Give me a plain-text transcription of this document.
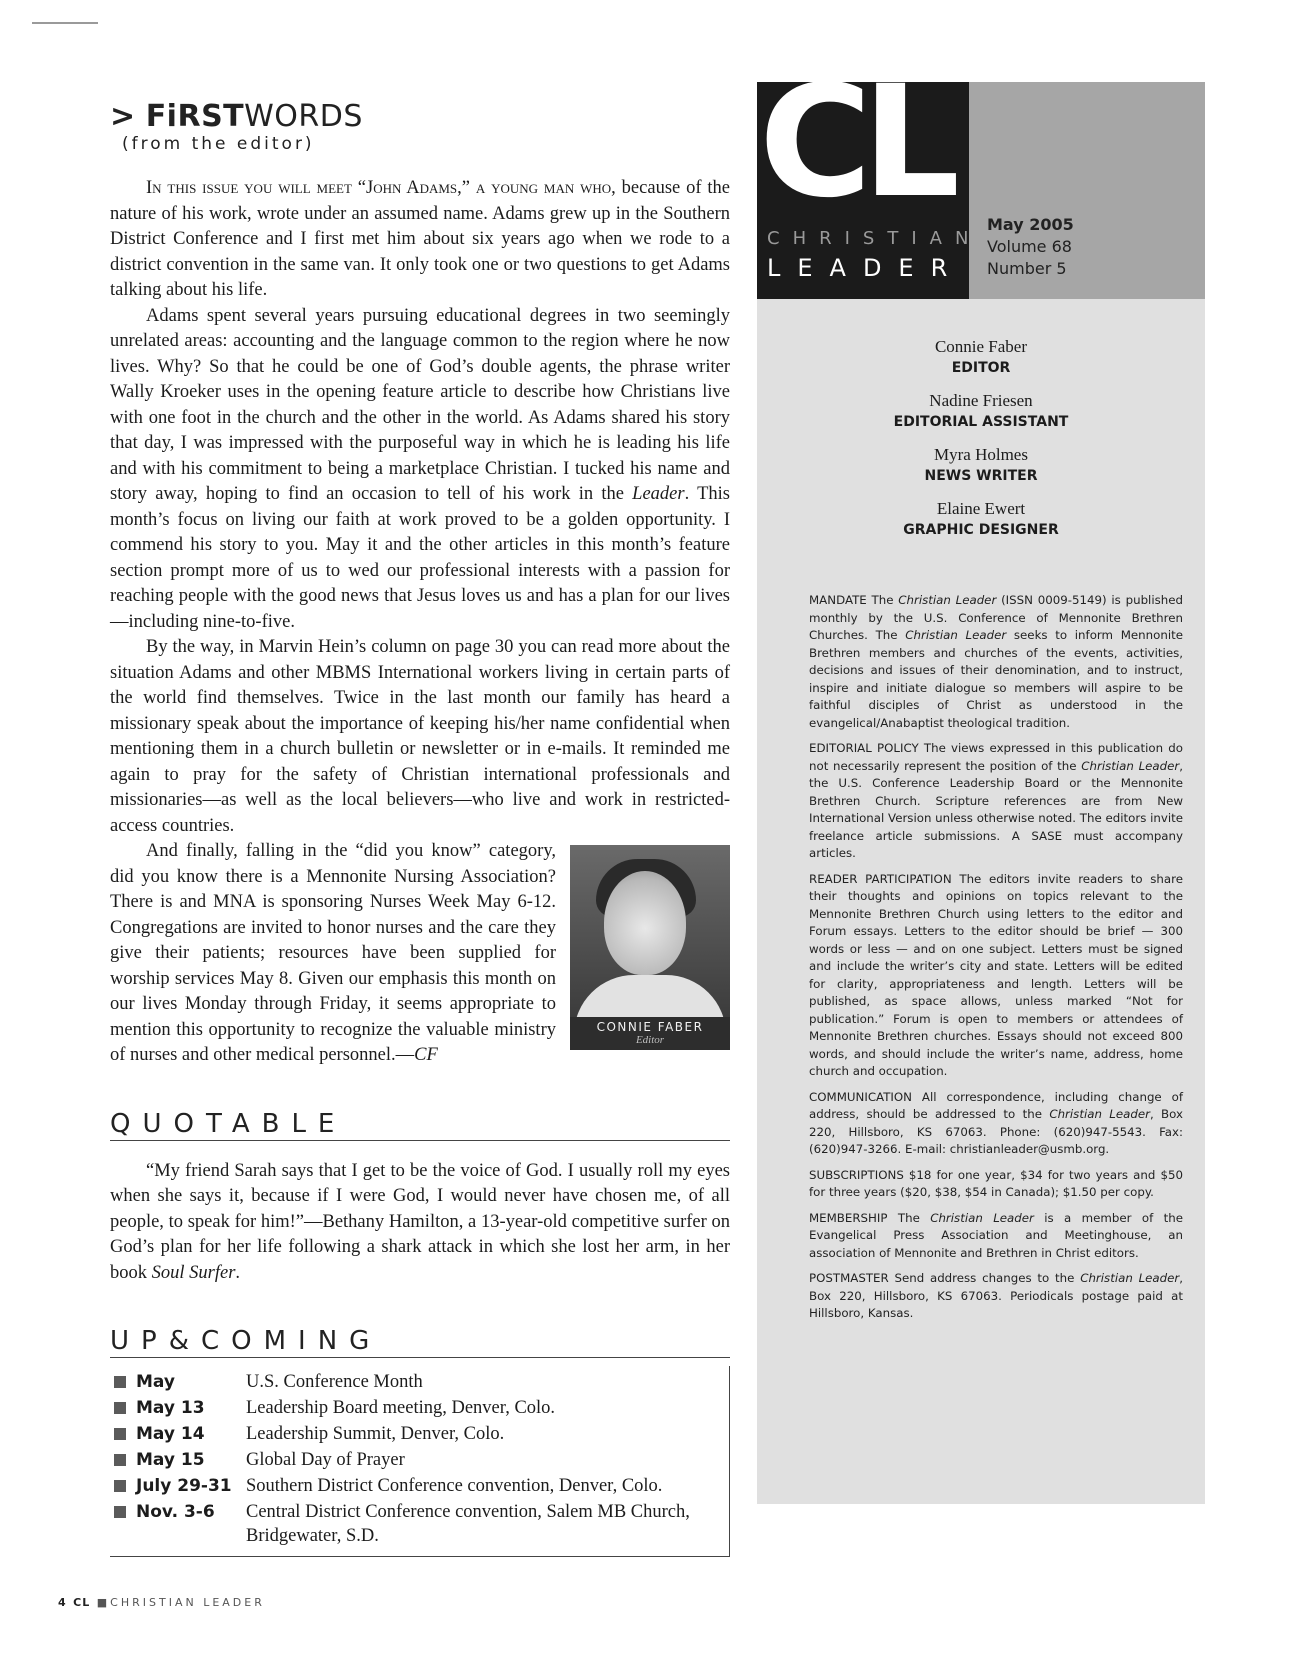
> FiRSTWORDS
(from the editor)

In this issue you will meet “John Adams,” a young man who, because of the nature of his work, wrote under an assumed name. Adams grew up in the Southern District Conference and I first met him about six years ago when we rode to a district convention in the same van. It only took one or two questions to get Adams talking about his life.

Adams spent several years pursuing educational degrees in two seemingly unrelated areas: accounting and the language common to the region where he now lives. Why? So that he could be one of God’s double agents, the phrase writer Wally Kroeker uses in the opening feature article to describe how Christians live with one foot in the church and the other in the world. As Adams shared his story that day, I was impressed with the purposeful way in which he is leading his life and with his commitment to being a marketplace Christian. I tucked his name and story away, hoping to find an occasion to tell of his work in the Leader. This month’s focus on living our faith at work proved to be a golden opportunity. I commend his story to you. May it and the other articles in this month’s feature section prompt more of us to wed our professional interests with a passion for reaching people with the good news that Jesus loves us and has a plan for our lives—including nine-to-five.

By the way, in Marvin Hein’s column on page 30 you can read more about the situation Adams and other MBMS International workers living in certain parts of the world find themselves. Twice in the last month our family has heard a missionary speak about the importance of keeping his/her name confidential when mentioning them in a church bulletin or newsletter or in e-mails. It reminded me again to pray for the safety of Christian international professionals and missionaries—as well as the local believers—who live and work in restricted-access countries.

CONNIE FABER
Editor

And finally, falling in the “did you know” category, did you know there is a Mennonite Nursing Association? There is and MNA is sponsoring Nurses Week May 6-12. Congregations are invited to honor nurses and the care they give their patients; resources have been supplied for worship services May 8. Given our emphasis this month on our lives Monday through Friday, it seems appropriate to mention this opportunity to recognize the valuable ministry of nurses and other medical personnel.—CF

QUOTABLE

“My friend Sarah says that I get to be the voice of God. I usually roll my eyes when she says it, because if I were God, I would never have chosen me, of all people, to speak for him!”—Bethany Hamilton, a 13-year-old competitive surfer on God’s plan for her life following a shark attack in which she lost her arm, in her book Soul Surfer.

UP&COMING
May	U.S. Conference Month
May 13	Leadership Board meeting, Denver, Colo.
May 14	Leadership Summit, Denver, Colo.
May 15	Global Day of Prayer
July 29-31 Southern District Conference convention, Denver, Colo.
Nov. 3-6	Central District Conference convention, Salem MB Church, Bridgewater, S.D.
4 CL ■CHRISTIAN LEADER
CL
CHRISTIAN
LEADER
May 2005
Volume 68
Number 5
Connie Faber
EDITOR
Nadine Friesen
EDITORIAL ASSISTANT
Myra Holmes
NEWS WRITER
Elaine Ewert
GRAPHIC DESIGNER

MANDATE The Christian Leader (ISSN 0009-5149) is published monthly by the U.S. Conference of Mennonite Brethren Churches. The Christian Leader seeks to inform Mennonite Brethren members and churches of the events, activities, decisions and issues of their denomination, and to instruct, inspire and initiate dialogue so members will aspire to be faithful disciples of Christ as understood in the evangelical/Anabaptist theological tradition.

EDITORIAL POLICY The views expressed in this publication do not necessarily represent the position of the Christian Leader, the U.S. Conference Leadership Board or the Mennonite Brethren Church. Scripture references are from New International Version unless otherwise noted. The editors invite freelance article submissions. A SASE must accompany articles.

READER PARTICIPATION The editors invite readers to share their thoughts and opinions on topics relevant to the Mennonite Brethren Church using letters to the editor and Forum essays. Letters to the editor should be brief — 300 words or less — and on one subject. Letters must be signed and include the writer’s city and state. Letters will be edited for clarity, appropriateness and length. Letters will be published, as space allows, unless marked “Not for publication.” Forum is open to members or attendees of Mennonite Brethren churches. Essays should not exceed 800 words, and should include the writer’s name, address, home church and occupation.

COMMUNICATION All correspondence, including change of address, should be addressed to the Christian Leader, Box 220, Hillsboro, KS 67063. Phone: (620)947-5543. Fax: (620)947-3266. E-mail: christianleader@usmb.org.

SUBSCRIPTIONS $18 for one year, $34 for two years and $50 for three years ($20, $38, $54 in Canada); $1.50 per copy.

MEMBERSHIP The Christian Leader is a member of the Evangelical Press Association and Meetinghouse, an association of Mennonite and Brethren in Christ editors.

POSTMASTER Send address changes to the Christian Leader, Box 220, Hillsboro, KS 67063. Periodicals postage paid at Hillsboro, Kansas.
